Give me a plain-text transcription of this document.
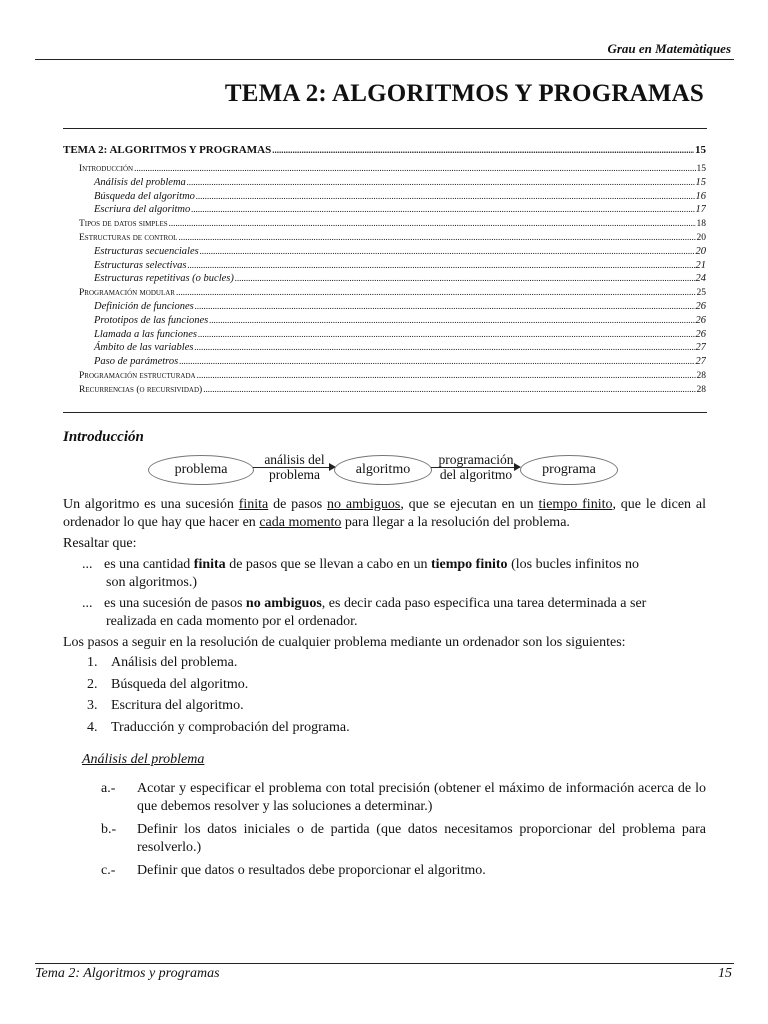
Grau en Matemàtiques
TEMA 2: ALGORITMOS Y PROGRAMAS
TEMA 2: ALGORITMOS Y PROGRAMAS .....	15
Introducción .....	15
Análisis del problema .....	15
Búsqueda del algoritmo .....	16
Escriura del algoritmo .....	17
Tipos de datos simples .....	18
Estructuras de control .....	20
Estructuras secuenciales .....	20
Estructuras selectivas .....	21
Estructuras repetitivas (o bucles) .....	24
Programación modular .....	25
Definición de funciones .....	26
Prototipos de las funciones .....	26
Llamada a las funciones .....	26
Ámbito de las variables .....	27
Paso de parámetros .....	27
Programación estructurada .....	28
Recurrencias (o recursividad) .....	28
Introducción
problema
análisis del
problema	algoritmo
programación
del algoritmo	programa
Un algoritmo es una sucesión finita de pasos no ambiguos, que se ejecutan en un tiempo finito, que le dicen al ordenador lo que hay que hacer en cada momento para llegar a la resolución del problema.
Resaltar que:
... es una cantidad finita de pasos que se llevan a cabo en un tiempo finito (los bucles infinitos no
son algoritmos.)
... es una sucesión de pasos no ambiguos, es decir cada paso especifica una tarea determinada a ser
realizada en cada momento por el ordenador.
Los pasos a seguir en la resolución de cualquier problema mediante un ordenador son los siguientes:
1. Análisis del problema.
2. Búsqueda del algoritmo.
3. Escritura del algoritmo.
4. Traducción y comprobación del programa.
Análisis del problema
a.- Acotar y especificar el problema con total precisión (obtener el máximo de información acerca de lo que debemos resolver y las soluciones a determinar.)
b.- Definir los datos iniciales o de partida (que datos necesitamos proporcionar del problema para resolverlo.)
c.- Definir que datos o resultados debe proporcionar el algoritmo.
Tema 2: Algoritmos y programas	15
